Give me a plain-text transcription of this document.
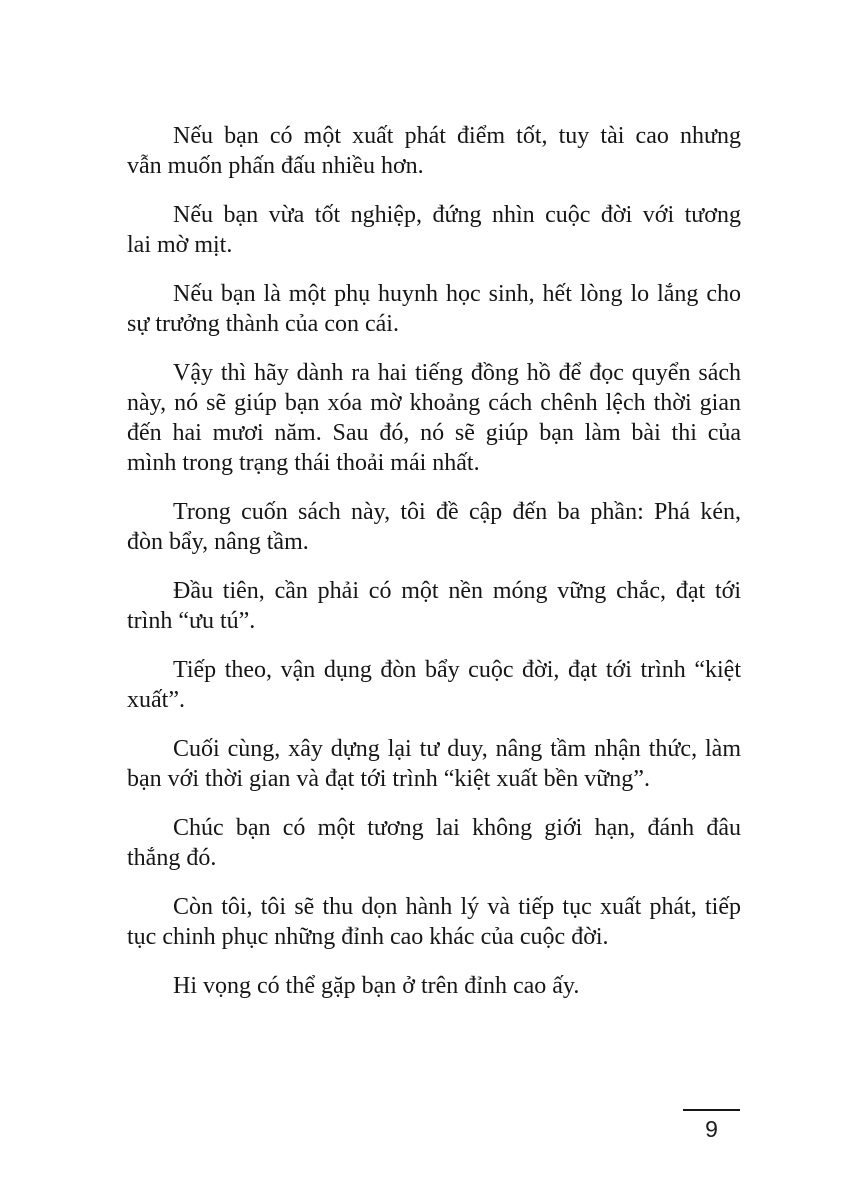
Nếu bạn có một xuất phát điểm tốt, tuy tài cao nhưng
vẫn muốn phấn đấu nhiều hơn.

Nếu bạn vừa tốt nghiệp, đứng nhìn cuộc đời với tương
lai mờ mịt.

Nếu bạn là một phụ huynh học sinh, hết lòng lo lắng cho
sự trưởng thành của con cái.

Vậy thì hãy dành ra hai tiếng đồng hồ để đọc quyển sách
này, nó sẽ giúp bạn xóa mờ khoảng cách chênh lệch thời gian
đến hai mươi năm. Sau đó, nó sẽ giúp bạn làm bài thi của
mình trong trạng thái thoải mái nhất.

Trong cuốn sách này, tôi đề cập đến ba phần: Phá kén,
đòn bẩy, nâng tầm.

Đầu tiên, cần phải có một nền móng vững chắc, đạt tới
trình “ưu tú”.

Tiếp theo, vận dụng đòn bẩy cuộc đời, đạt tới trình “kiệt
xuất”.

Cuối cùng, xây dựng lại tư duy, nâng tầm nhận thức, làm
bạn với thời gian và đạt tới trình “kiệt xuất bền vững”.

Chúc bạn có một tương lai không giới hạn, đánh đâu
thắng đó.

Còn tôi, tôi sẽ thu dọn hành lý và tiếp tục xuất phát, tiếp
tục chinh phục những đỉnh cao khác của cuộc đời.

Hi vọng có thể gặp bạn ở trên đỉnh cao ấy.

9
